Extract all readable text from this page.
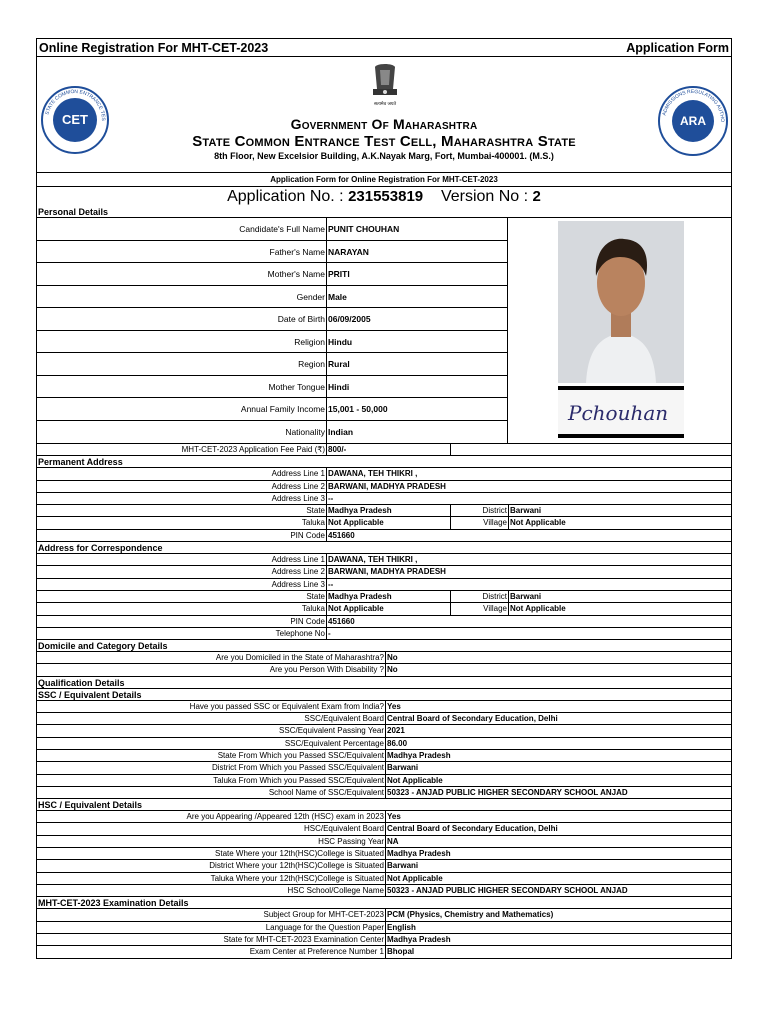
Online Registration For MHT-CET-2023	Application Form
STATE COMMON ENTRANCE TES
CET
सत्यमेव जयते
ADMISSIONS REGULATING AUTHO
ARA
Government Of Maharashtra
State Common Entrance Test Cell, Maharashtra State
8th Floor, New Excelsior Building, A.K.Nayak Marg, Fort, Mumbai-400001. (M.S.)
Application Form for Online Registration For MHT-CET-2023
Application No. : 231553819 Version No : 2
Personal Details
Candidate's Full Name PUNIT CHOUHAN
Father's Name NARAYAN
Mother's Name PRITI
Gender Male
Date of Birth 06/09/2005
Religion Hindu
Region Rural
Mother Tongue Hindi
Annual Family Income 15,001 - 50,000
Nationality Indian
Pchouhan
MHT-CET-2023 Application Fee Paid (₹) 800/-
Permanent Address
Address Line 1 DAWANA, TEH THIKRI ,
Address Line 2 BARWANI, MADHYA PRADESH
Address Line 3 --
State Madhya Pradesh	District Barwani
Taluka Not Applicable	Village Not Applicable
PIN Code 451660
Address for Correspondence
Address Line 1 DAWANA, TEH THIKRI ,
Address Line 2 BARWANI, MADHYA PRADESH
Address Line 3 --
State Madhya Pradesh	District Barwani
Taluka Not Applicable	Village Not Applicable
PIN Code 451660
Telephone No -
Domicile and Category Details
Are you Domiciled in the State of Maharashtra? No
Are you Person With Disability ? No
Qualification Details
SSC / Equivalent Details
Have you passed SSC or Equivalent Exam from India? Yes
SSC/Equivalent Board Central Board of Secondary Education, Delhi
SSC/Equivalent Passing Year 2021
SSC/Equivalent Percentage 86.00
State From Which you Passed SSC/Equivalent Madhya Pradesh
District From Which you Passed SSC/Equivalent Barwani
Taluka From Which you Passed SSC/Equivalent Not Applicable
School Name of SSC/Equivalent 50323 - ANJAD PUBLIC HIGHER SECONDARY SCHOOL ANJAD
HSC / Equivalent Details
Are you Appearing /Appeared 12th (HSC) exam in 2023 Yes
HSC/Equivalent Board Central Board of Secondary Education, Delhi
HSC Passing Year NA
State Where your 12th(HSC)College is Situated Madhya Pradesh
District Where your 12th(HSC)College is Situated Barwani
Taluka Where your 12th(HSC)College is Situated Not Applicable
HSC School/College Name 50323 - ANJAD PUBLIC HIGHER SECONDARY SCHOOL ANJAD
MHT-CET-2023 Examination Details
Subject Group for MHT-CET-2023 PCM (Physics, Chemistry and Mathematics)
Language for the Question Paper English
State for MHT-CET-2023 Examination Center Madhya Pradesh
Exam Center at Preference Number 1 Bhopal
